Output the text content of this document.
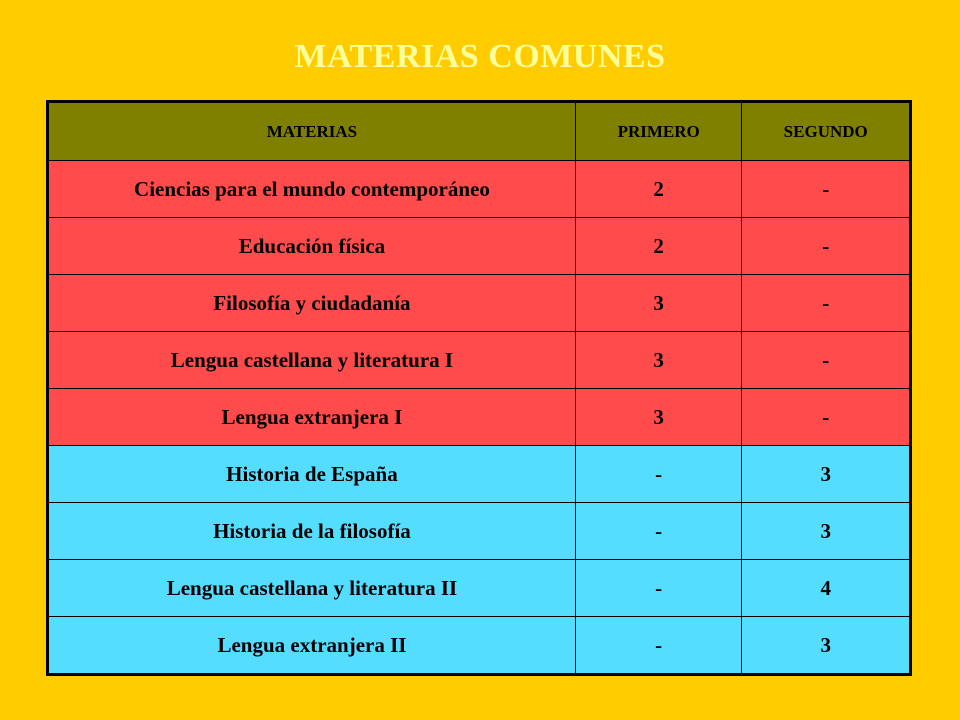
MATERIAS COMUNES
MATERIAS	PRIMERO	SEGUNDO
Ciencias para el mundo contemporáneo	2	-
Educación física	2	-
Filosofía y ciudadanía	3	-
Lengua castellana y literatura I	3	-
Lengua extranjera I	3	-
Historia de España	-	3
Historia de la filosofía	-	3
Lengua castellana y literatura II	-	4
Lengua extranjera II	-	3
